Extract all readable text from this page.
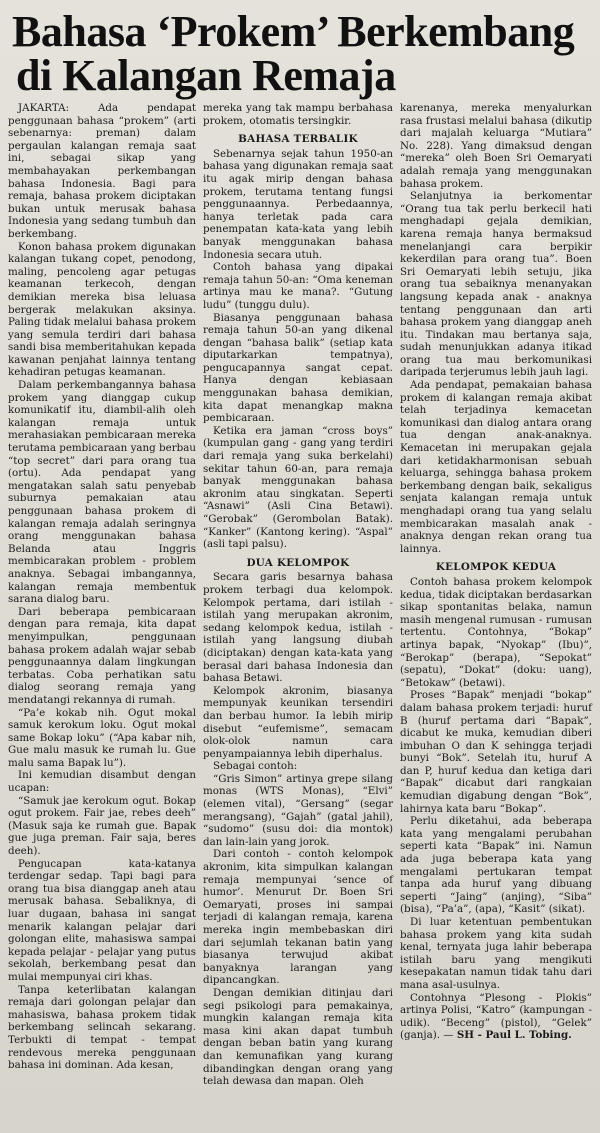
Bahasa ‘Prokem’ Berkembang
di Kalangan Remaja

JAKARTA: Ada pendapat penggunaan bahasa “prokem” (arti sebenarnya: preman) dalam pergaulan kalangan remaja saat ini, sebagai sikap yang membahayakan perkembangan bahasa Indonesia. Bagi para remaja, bahasa prokem diciptakan bukan untuk merusak bahasa Indonesia yang sedang tumbuh dan berkembang.

Konon bahasa prokem digunakan kalangan tukang copet, penodong, maling, pencoleng agar petugas keamanan terkecoh, dengan demikian mereka bisa leluasa bergerak melakukan aksinya. Paling tidak melalui bahasa prokem yang semula terdiri dari bahasa sandi bisa memberitahukan kepada kawanan penjahat lainnya tentang kehadiran petugas keamanan.

Dalam perkembangannya bahasa prokem yang dianggap cukup komunikatif itu, diambil-alih oleh kalangan remaja untuk merahasiakan pembicaraan mereka terutama pembicaraan yang berbau “top secret” dari para orang tua (ortu). Ada pendapat yang mengatakan salah satu penyebab suburnya pemakaian atau penggunaan bahasa prokem di kalangan remaja adalah seringnya orang menggunakan bahasa Belanda atau Inggris membicarakan problem - problem anaknya. Sebagai imbangannya, kalangan remaja membentuk sarana dialog baru.

Dari beberapa pembicaraan dengan para remaja, kita dapat menyimpulkan, penggunaan bahasa prokem adalah wajar sebab penggunaannya dalam lingkungan terbatas. Coba perhatikan satu dialog seorang remaja yang mendatangi rekannya di rumah.

“Pa’e kokab nih. Ogut mokal samuk kerokum loku. Ogut mokal same Bokap loku” (“Apa kabar nih, Gue malu masuk ke rumah lu. Gue malu sama Bapak lu”).

Ini kemudian disambut dengan ucapan:

“Samuk jae kerokum ogut. Bokap ogut prokem. Fair jae, rebes deeh” (Masuk saja ke rumah gue. Bapak gue juga preman. Fair saja, beres deeh).

Pengucapan kata-katanya terdengar sedap. Tapi bagi para orang tua bisa dianggap aneh atau merusak bahasa. Sebaliknya, di luar dugaan, bahasa ini sangat menarik kalangan pelajar dari golongan elite, mahasiswa sampai kepada pelajar - pelajar yang putus sekolah, berkembang pesat dan mulai mempunyai ciri khas.

Tanpa keterlibatan kalangan remaja dari golongan pelajar dan mahasiswa, bahasa prokem tidak berkembang selincah sekarang. Terbukti di tempat - tempat rendevous mereka penggunaan bahasa ini dominan. Ada kesan,

mereka yang tak mampu berbahasa prokem, otomatis tersingkir.

BAHASA TERBALIK

Sebenarnya sejak tahun 1950-an bahasa yang digunakan remaja saat itu agak mirip dengan bahasa prokem, terutama tentang fungsi penggunaannya. Perbedaannya, hanya terletak pada cara penempatan kata-kata yang lebih banyak menggunakan bahasa Indonesia secara utuh.

Contoh bahasa yang dipakai remaja tahun 50-an: “Oma keneman artinya mau ke mana?. “Gutung ludu” (tunggu dulu).

Biasanya penggunaan bahasa remaja tahun 50-an yang dikenal dengan “bahasa balik” (setiap kata diputarkarkan tempatnya), pengucapannya sangat cepat. Hanya dengan kebiasaan menggunakan bahasa demikian, kita dapat menangkap makna pembicaraan.

Ketika era jaman “cross boys” (kumpulan gang - gang yang terdiri dari remaja yang suka berkelahi) sekitar tahun 60-an, para remaja banyak menggunakan bahasa akronim atau singkatan. Seperti “Asnawi” (Asli Cina Betawi). “Gerobak” (Gerombolan Batak). “Kanker” (Kantong kering). “Aspal” (asli tapi palsu).

DUA KELOMPOK

Secara garis besarnya bahasa prokem terbagi dua kelompok. Kelompok pertama, dari istilah - istilah yang merupakan akronim, sedang kelompok kedua, istilah - istilah yang langsung diubah (diciptakan) dengan kata-kata yang berasal dari bahasa Indonesia dan bahasa Betawi.

Kelompok akronim, biasanya mempunyak keunikan tersendiri dan berbau humor. Ia lebih mirip disebut “eufemisme”, semacam olok-olok namun cara penyampaiannya lebih diperhalus.

Sebagai contoh:

“Gris Simon” artinya grepe silang monas (WTS Monas), “Elvi” (elemen vital), “Gersang” (segar merangsang), “Gajah” (gatal jahil), “sudomo” (susu doi: dia montok) dan lain-lain yang jorok.

Dari contoh - contoh kelompok akronim, kita simpulkan kalangan remaja mempunyai ‘sence of humor’. Menurut Dr. Boen Sri Oemaryati, proses ini sampai terjadi di kalangan remaja, karena mereka ingin membebaskan diri dari sejumlah tekanan batin yang biasanya terwujud akibat banyaknya larangan yang dipancangkan.

Dengan demikian ditinjau dari segi psikologi para pemakainya, mungkin kalangan remaja kita masa kini akan dapat tumbuh dengan beban batin yang kurang dan kemunafikan yang kurang dibandingkan dengan orang yang telah dewasa dan mapan. Oleh

karenanya, mereka menyalurkan rasa frustasi melalui bahasa (dikutip dari majalah keluarga “Mutiara” No. 228). Yang dimaksud dengan “mereka” oleh Boen Sri Oemaryati adalah remaja yang menggunakan bahasa prokem.

Selanjutnya ia berkomentar “Orang tua tak perlu berkecil hati menghadapi gejala demikian, karena remaja hanya bermaksud menelanjangi cara berpikir kekerdilan para orang tua”. Boen Sri Oemaryati lebih setuju, jika orang tua sebaiknya menanyakan langsung kepada anak - anaknya tentang penggunaan dan arti bahasa prokem yang dianggap aneh itu. Tindakan mau bertanya saja, sudah menunjukkan adanya itikad orang tua mau berkomunikasi daripada terjerumus lebih jauh lagi.

Ada pendapat, pemakaian bahasa prokem di kalangan remaja akibat telah terjadinya kemacetan komunikasi dan dialog antara orang tua dengan anak-anaknya. Kemacetan ini merupakan gejala dari ketidakharmonisan sebuah keluarga, sehingga bahasa prokem berkembang dengan baik, sekaligus senjata kalangan remaja untuk menghadapi orang tua yang selalu membicarakan masalah anak - anaknya dengan rekan orang tua lainnya.

KELOMPOK KEDUA

Contoh bahasa prokem kelompok kedua, tidak diciptakan berdasarkan sikap spontanitas belaka, namun masih mengenal rumusan - rumusan tertentu. Contohnya, “Bokap” artinya bapak, “Nyokap” (Ibu)”, “Berokap” (berapa), “Sepokat” (sepatu), “Dokat” (doku: uang), “Betokaw” (betawi).

Proses “Bapak” menjadi “bokap” dalam bahasa prokem terjadi: huruf B (huruf pertama dari “Bapak”, dicabut ke muka, kemudian diberi imbuhan O dan K sehingga terjadi bunyi “Bok”. Setelah itu, huruf A dan P, huruf kedua dan ketiga dari “Bapak” dicabut dari rangkaian kemudian digabung dengan “Bok”, lahirnya kata baru “Bokap”.

Perlu diketahui, ada beberapa kata yang mengalami perubahan seperti kata “Bapak” ini. Namun ada juga beberapa kata yang mengalami pertukaran tempat tanpa ada huruf yang dibuang seperti “Jaing” (anjing), “Siba” (bisa), “Pa’a”, (apa), “Kasit” (sikat).

Di luar ketentuan pembentukan bahasa prokem yang kita sudah kenal, ternyata juga lahir beberapa istilah baru yang mengikuti kesepakatan namun tidak tahu dari mana asal-usulnya.

Contohnya “Plesong - Plokis” artinya Polisi, “Katro” (kampungan - udik). “Beceng” (pistol), “Gelek” (ganja). — SH - Paul L. Tobing.
